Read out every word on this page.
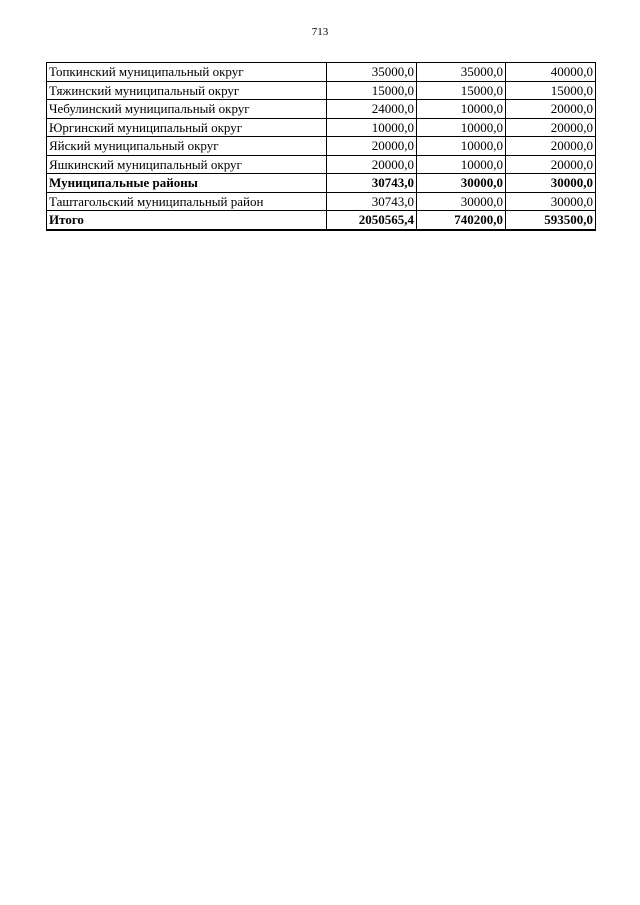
713
Топкинский муниципальный округ	35000,0	35000,0	40000,0
Тяжинский муниципальный округ	15000,0	15000,0	15000,0
Чебулинский муниципальный округ	24000,0	10000,0	20000,0
Юргинский муниципальный округ	10000,0	10000,0	20000,0
Яйский муниципальный округ	20000,0	10000,0	20000,0
Яшкинский муниципальный округ	20000,0	10000,0	20000,0
Муниципальные районы	30743,0	30000,0	30000,0
Таштагольский муниципальный район	30743,0	30000,0	30000,0
Итого	2050565,4	740200,0	593500,0
